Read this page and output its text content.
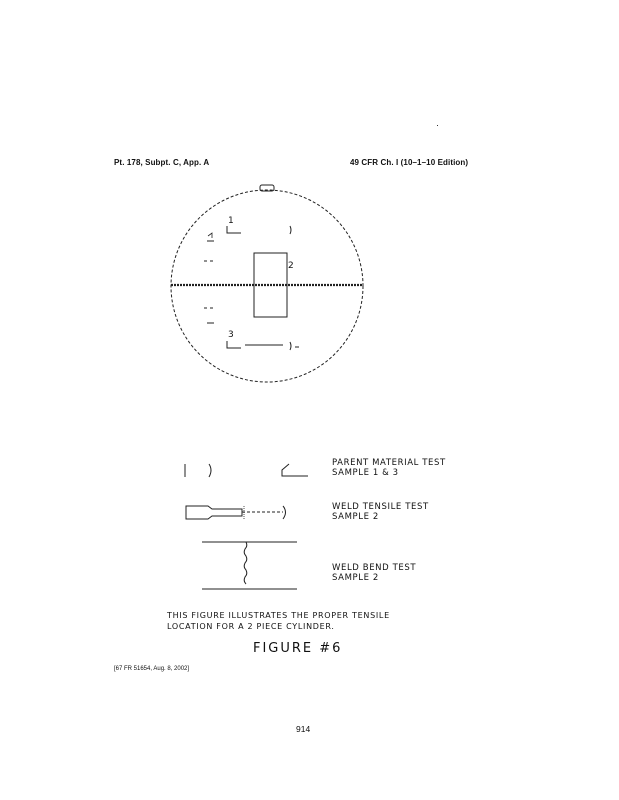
Pt. 178, Subpt. C, App. A	49 CFR Ch. I (10–1–10 Edition)
1
2
3
PARENT MATERIAL TEST
SAMPLE 1 & 3
WELD TENSILE TEST
SAMPLE 2
WELD BEND TEST
SAMPLE 2
THIS FIGURE ILLUSTRATES THE PROPER TENSILE
LOCATION FOR A 2 PIECE CYLINDER.
FIGURE #6
[67 FR 51654, Aug. 8, 2002]
914
